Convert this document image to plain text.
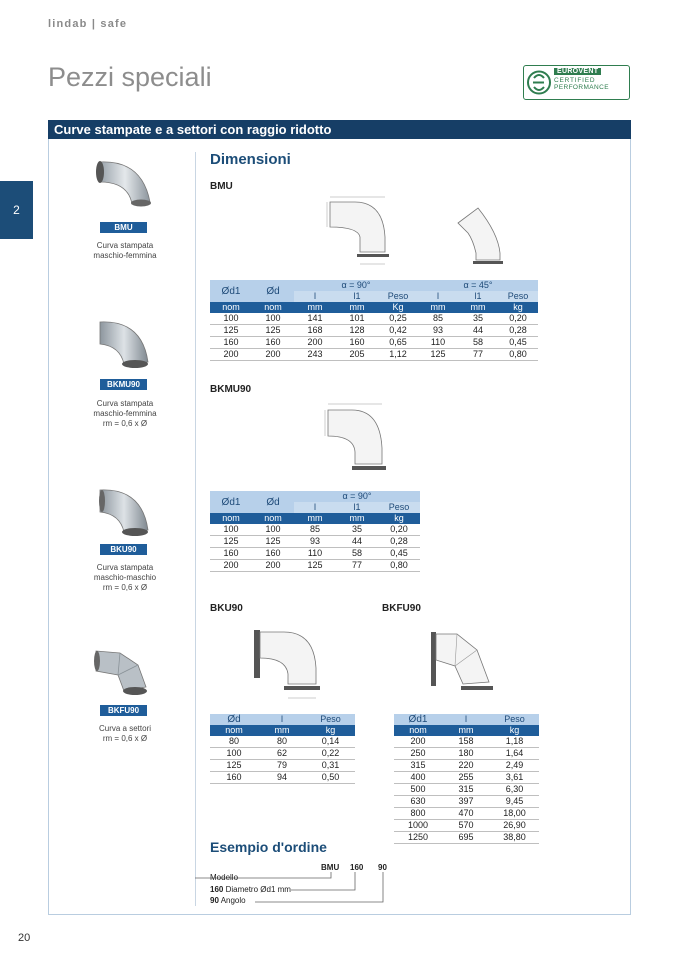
lindab | safe
Pezzi speciali	EUROVENT
CERTIFIED
PERFORMANCE
2
Curve stampate e a settori con raggio ridotto
BMU
Curva stampata
maschio-femmina
BKMU90
Curva stampata
maschio-femmina
rm = 0,6 x Ø
BKU90
Curva stampata
maschio-maschio
rm = 0,6 x Ø
BKFU90
Curva a settori
rm = 0,6 x Ø
Dimensioni
BMU
Ød1	Ød	α = 90°			α = 45°		
		l	l1	Peso	l	l1	Peso
nom	nom	mm	mm	Kg	mm	mm	kg
100	100	141	101	0,25	85	35	0,20
125	125	168	128	0,42	93	44	0,28
160	160	200	160	0,65	110	58	0,45
200	200	243	205	1,12	125	77	0,80
BKMU90
Ød1	Ød	α = 90°		
		l	l1	Peso
nom	nom	mm	mm	kg
100	100	85	35	0,20
125	125	93	44	0,28
160	160	110	58	0,45
200	200	125	77	0,80
BKU90	BKFU90
Ød	l	Peso
nom	mm	kg
80	80	0,14
100	62	0,22
125	79	0,31
160	94	0,50
Ød1	l	Peso
nom	mm	kg
200	158	1,18
250	180	1,64
315	220	2,49
400	255	3,61
500	315	6,30
630	397	9,45
800	470	18,00
1000	570	26,90
1250	695	38,80
Esempio d'ordine
BMU 160 90
Modello
160 Diametro Ød1 mm
90 Angolo
20
